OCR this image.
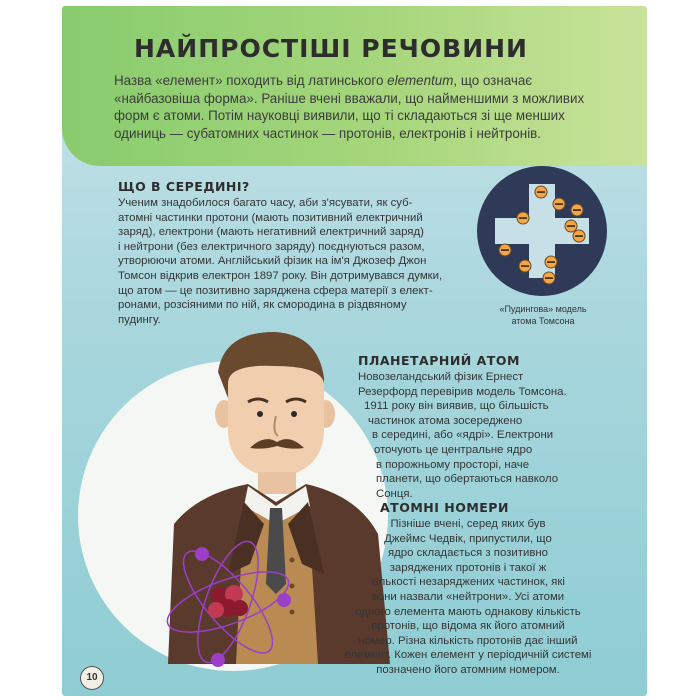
НАЙПРОСТІШІ РЕЧОВИНИ

Назва «елемент» походить від латинського elementum, що означає «найбазовіша форма». Раніше вчені вважали, що найменшими з можливих форм є атоми. Потім науковці виявили, що ті складаються зі ще менших одиниць — субатомних частинок — протонів, електронів і нейтронів.

ЩО В СЕРЕДИНІ?
Ученим знадобилося багато часу, аби з'ясувати, як суб-
атомні частинки протони (мають позитивний електричний
заряд), електрони (мають негативний електричний заряд)
і нейтрони (без електричного заряду) поєднуються разом,
утворюючи атоми. Англійський фізик на ім'я Джозеф Джон
Томсон відкрив електрон 1897 року. Він дотримувався думки,
що атом — це позитивно заряджена сфера матерії з елект-
ронами, розсіяними по ній, як смородина в різдвяному
пудингу.
«Пудингова» модель
атома Томсона
ПЛАНЕТАРНИЙ АТОМ
Новозеландський фізик Ернест
Резерфорд перевірив модель Томсона.
1911 року він виявив, що більшість
частинок атома зосереджено
в середині, або «ядрі». Електрони
оточують це центральне ядро
в порожньому просторі, наче
планети, що обертаються навколо
Сонця.
АТОМНІ НОМЕРИ
Пізніше вчені, серед яких був
Джеймс Чедвік, припустили, що
ядро складається з позитивно
заряджених протонів і такої ж
кількості незаряджених частинок, які
вони назвали «нейтрони». Усі атоми
одного елемента мають однакову кількість
протонів, що відома як його атомний
номер. Різна кількість протонів дає інший
елемент. Кожен елемент у періодичній системі
позначено його атомним номером.
10
